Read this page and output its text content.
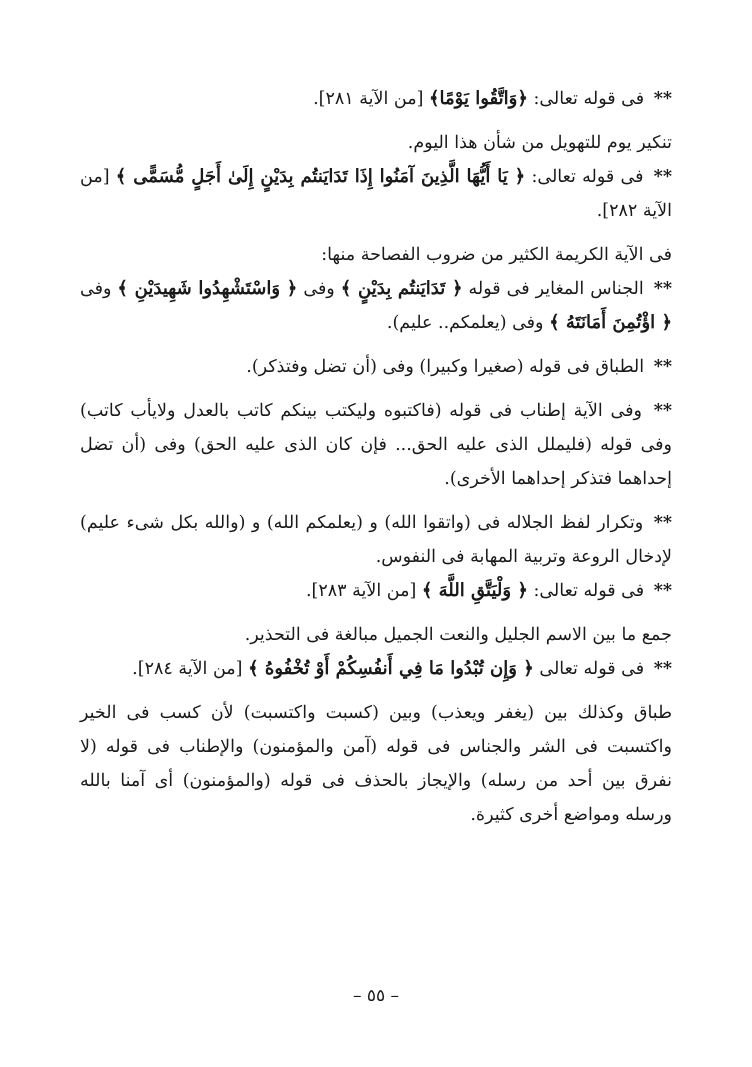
** فى قوله تعالى: ﴿وَاتَّقُوا يَوْمًا﴾ [من الآية ٢٨١].

تنكير يوم للتهويل من شأن هذا اليوم.

** فى قوله تعالى: ﴿ يَا أَيُّهَا الَّذِينَ آمَنُوا إِذَا تَدَايَنتُم بِدَيْنٍ إِلَىٰ أَجَلٍ مُّسَمًّى ﴾ [من الآية ٢٨٢].

فى الآية الكريمة الكثير من ضروب الفصاحة منها:

** الجناس المغاير فى قوله ﴿ تَدَايَنتُم بِدَيْنٍ ﴾ وفى ﴿ وَاسْتَشْهِدُوا شَهِيدَيْنِ ﴾ وفى ﴿ اؤْتُمِنَ أَمَانَتَهُ ﴾ وفى (يعلمكم.. عليم).

** الطباق فى قوله (صغيرا وكبيرا) وفى (أن تضل وفتذكر).

** وفى الآية إطناب فى قوله (فاكتبوه وليكتب بينكم كاتب بالعدل ولايأب كاتب) وفى قوله (فليملل الذى عليه الحق... فإن كان الذى عليه الحق) وفى (أن تضل إحداهما فتذكر إحداهما الأخرى).

** وتكرار لفظ الجلاله فى (واتقوا الله) و (يعلمكم الله) و (والله بكل شىء عليم) لإدخال الروعة وتربية المهابة فى النفوس.

** فى قوله تعالى: ﴿ وَلْيَتَّقِ اللَّهَ ﴾ [من الآية ٢٨٣].

جمع ما بين الاسم الجليل والنعت الجميل مبالغة فى التحذير.

** فى قوله تعالى ﴿ وَإِن تُبْدُوا مَا فِي أَنفُسِكُمْ أَوْ تُخْفُوهُ ﴾ [من الآية ٢٨٤].

طباق وكذلك بين (يغفر ويعذب) وبين (كسبت واكتسبت) لأن كسب فى الخير واكتسبت فى الشر والجناس فى قوله (آمن والمؤمنون) والإطناب فى قوله (لا نفرق بين أحد من رسله) والإيجاز بالحذف فى قوله (والمؤمنون) أى آمنا بالله ورسله ومواضع أخرى كثيرة.

– ٥٥ –
